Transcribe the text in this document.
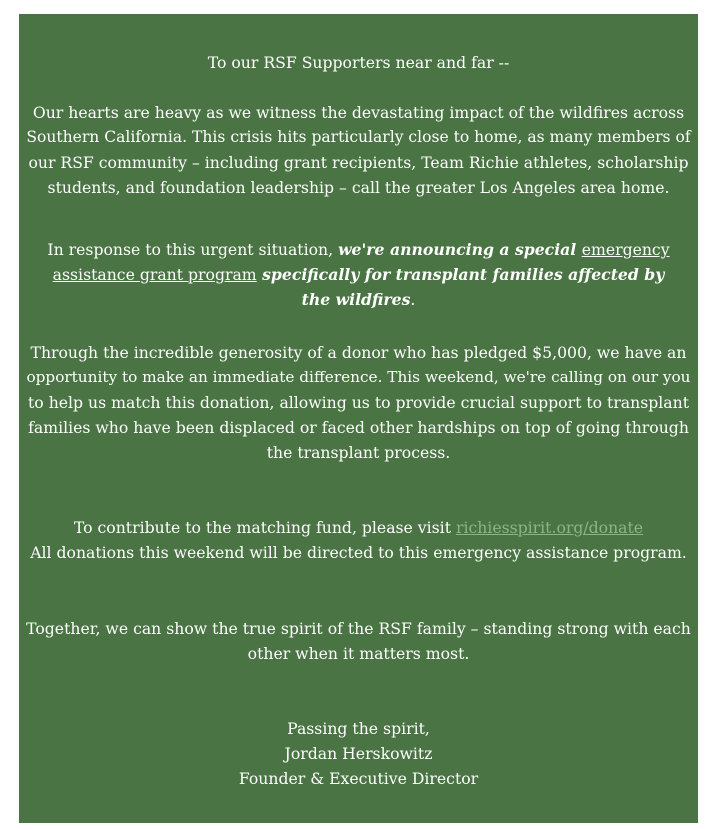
To our RSF Supporters near and far --
Our hearts are heavy as we witness the devastating impact of the wildfires across
Southern California. This crisis hits particularly close to home, as many members of
our RSF community – including grant recipients, Team Richie athletes, scholarship
students, and foundation leadership – call the greater Los Angeles area home.
In response to this urgent situation, we're announcing a special emergency
assistance grant program specifically for transplant families affected by
the wildfires.
Through the incredible generosity of a donor who has pledged $5,000, we have an
opportunity to make an immediate difference. This weekend, we're calling on our you
to help us match this donation, allowing us to provide crucial support to transplant
families who have been displaced or faced other hardships on top of going through
the transplant process.
To contribute to the matching fund, please visit richiesspirit.org/donate
All donations this weekend will be directed to this emergency assistance program.
Together, we can show the true spirit of the RSF family – standing strong with each
other when it matters most.
Passing the spirit,
Jordan Herskowitz
Founder & Executive Director
